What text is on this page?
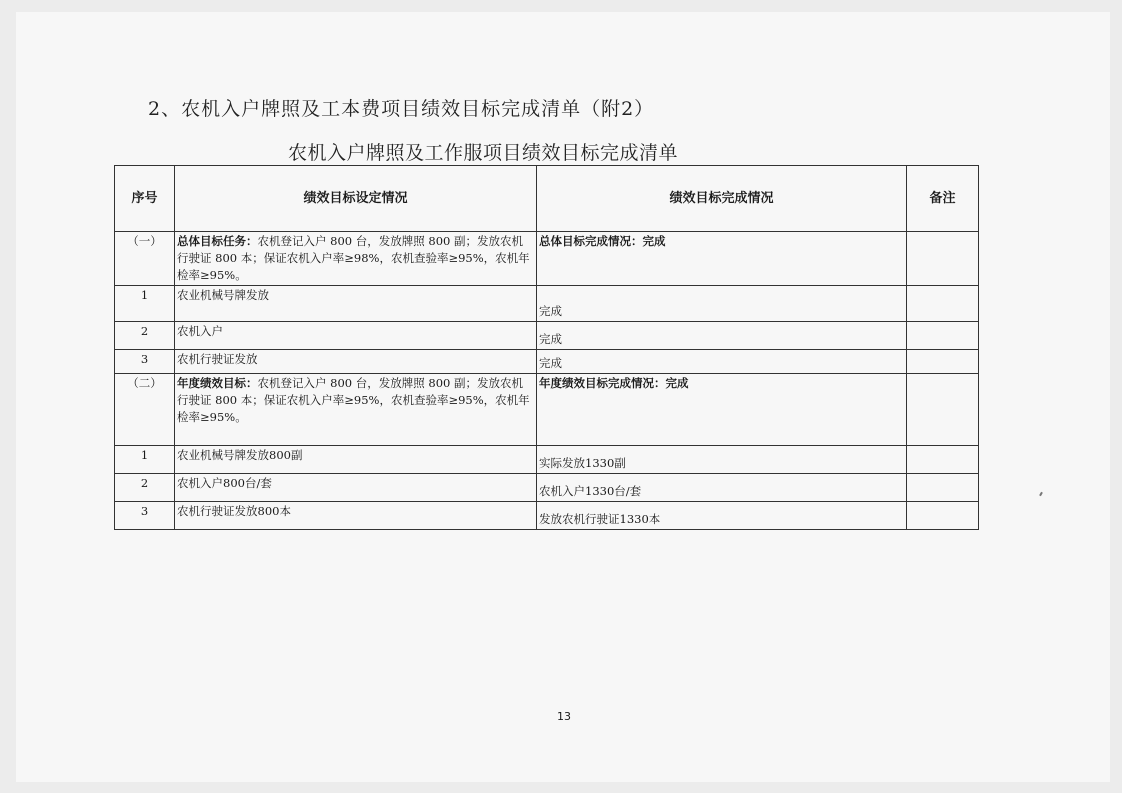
2、农机入户牌照及工本费项目绩效目标完成清单（附2）
农机入户牌照及工作服项目绩效目标完成清单
序号	绩效目标设定情况	绩效目标完成情况	备注
（一）	总体目标任务：农机登记入户 800 台，发放牌照 800 副；发放农机行驶证 800 本；保证农机入户率≥98%，农机查验率≥95%，农机年检率≥95%。	总体目标完成情况：完成	
1	农业机械号牌发放	完成	
2	农机入户	完成	
3	农机行驶证发放	完成	
（二）	年度绩效目标：农机登记入户 800 台，发放牌照 800 副；发放农机行驶证 800 本；保证农机入户率≥95%，农机查验率≥95%，农机年检率≥95%。	年度绩效目标完成情况：完成	
1	农业机械号牌发放800副	实际发放1330副	
2	农机入户800台/套	农机入户1330台/套	
3	农机行驶证发放800本	发放农机行驶证1330本	
13
